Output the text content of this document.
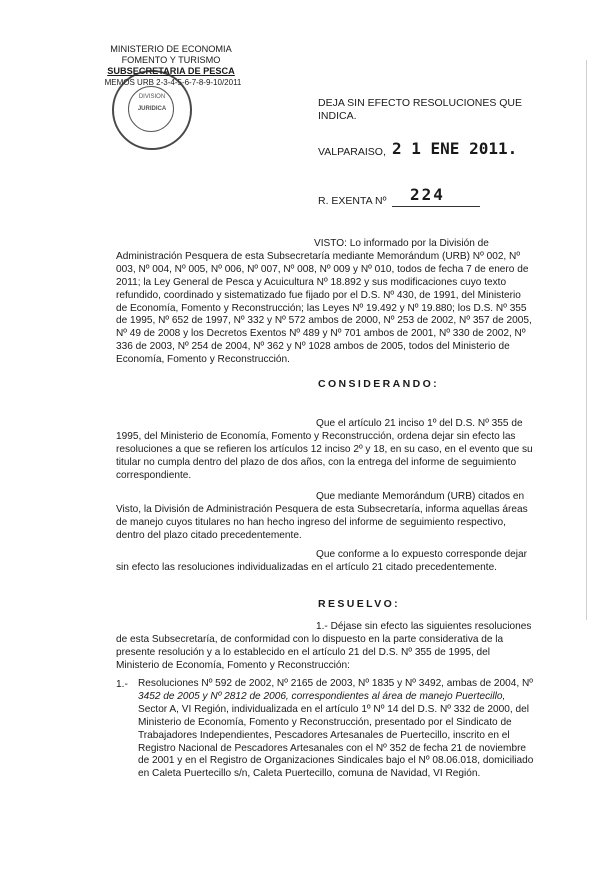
MINISTERIO DE ECONOMIA
FOMENTO Y TURISMO
SUBSECRETARIA DE PESCA
MEMOS URB 2-3-4-5-6-7-8-9-10/2011
DIVISION
JURIDICA	DEJA SIN EFECTO RESOLUCIONES QUE
INDICA.
VALPARAISO, 2 1 ENE 2011.
R. EXENTA Nº 224
VISTO: Lo informado por la División de
Administración Pesquera de esta Subsecretaría mediante Memorándum (URB) Nº 002, Nº
003, Nº 004, Nº 005, Nº 006, Nº 007, Nº 008, Nº 009 y Nº 010, todos de fecha 7 de enero de
2011; la Ley General de Pesca y Acuicultura Nº 18.892 y sus modificaciones cuyo texto
refundido, coordinado y sistematizado fue fijado por el D.S. Nº 430, de 1991, del Ministerio
de Economía, Fomento y Reconstrucción; las Leyes Nº 19.492 y Nº 19.880; los D.S. Nº 355
de 1995, Nº 652 de 1997, Nº 332 y Nº 572 ambos de 2000, Nº 253 de 2002, Nº 357 de 2005,
Nº 49 de 2008 y los Decretos Exentos Nº 489 y Nº 701 ambos de 2001, Nº 330 de 2002, Nº
336 de 2003, Nº 254 de 2004, Nº 362 y Nº 1028 ambos de 2005, todos del Ministerio de
Economía, Fomento y Reconstrucción.
CONSIDERANDO:
Que el artículo 21 inciso 1º del D.S. Nº 355 de
1995, del Ministerio de Economía, Fomento y Reconstrucción, ordena dejar sin efecto las
resoluciones a que se refieren los artículos 12 inciso 2º y 18, en su caso, en el evento que su
titular no cumpla dentro del plazo de dos años, con la entrega del informe de seguimiento
correspondiente.
Que mediante Memorándum (URB) citados en
Visto, la División de Administración Pesquera de esta Subsecretaría, informa aquellas áreas
de manejo cuyos titulares no han hecho ingreso del informe de seguimiento respectivo,
dentro del plazo citado precedentemente.
Que conforme a lo expuesto corresponde dejar
sin efecto las resoluciones individualizadas en el artículo 21 citado precedentemente.
RESUELVO:
1.- Déjase sin efecto las siguientes resoluciones
de esta Subsecretaría, de conformidad con lo dispuesto en la parte considerativa de la
presente resolución y a lo establecido en el artículo 21 del D.S. Nº 355 de 1995, del
Ministerio de Economía, Fomento y Reconstrucción:
1.- Resoluciones Nº 592 de 2002, Nº 2165 de 2003, Nº 1835 y Nº 3492, ambas de 2004, Nº
3452 de 2005 y Nº 2812 de 2006, correspondientes al área de manejo Puertecillo,
Sector A, VI Región, individualizada en el artículo 1º Nº 14 del D.S. Nº 332 de 2000, del
Ministerio de Economía, Fomento y Reconstrucción, presentado por el Sindicato de
Trabajadores Independientes, Pescadores Artesanales de Puertecillo, inscrito en el
Registro Nacional de Pescadores Artesanales con el Nº 352 de fecha 21 de noviembre
de 2001 y en el Registro de Organizaciones Sindicales bajo el Nº 08.06.018, domiciliado
en Caleta Puertecillo s/n, Caleta Puertecillo, comuna de Navidad, VI Región.
